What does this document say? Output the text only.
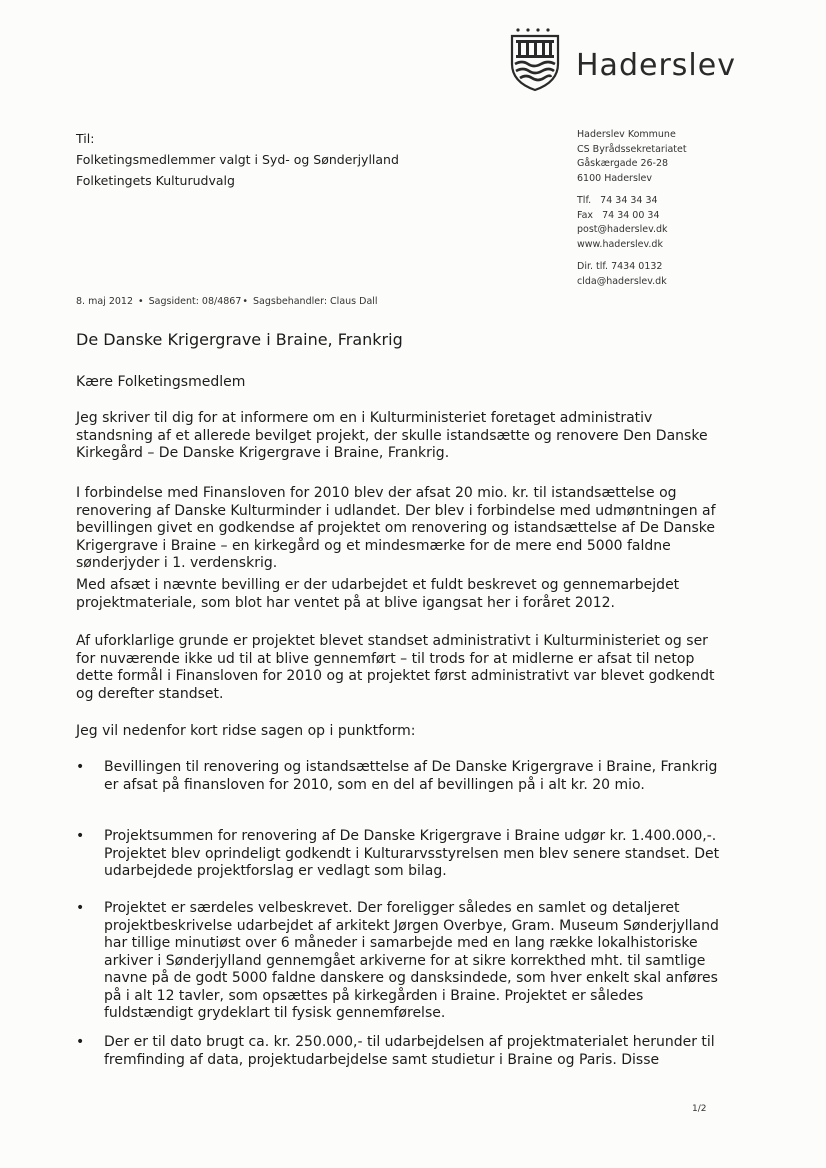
Haderslev
Til:
Folketingsmedlemmer valgt i Syd- og Sønderjylland
Folketingets Kulturudvalg
Haderslev Kommune
CS Byrådssekretariatet
Gåskærgade 26-28
6100 Haderslev
Tlf.   74 34 34 34
Fax   74 34 00 34
post@haderslev.dk
www.haderslev.dk
Dir. tlf. 7434 0132
clda@haderslev.dk
8. maj 2012 • Sagsident: 08/4867• Sagsbehandler: Claus Dall
De Danske Krigergrave i Braine, Frankrig
Kære Folketingsmedlem
Jeg skriver til dig for at informere om en i Kulturministeriet foretaget administrativ standsning af et allerede bevilget projekt, der skulle istandsætte og renovere Den Danske Kirkegård – De Danske Krigergrave i Braine, Frankrig.
I forbindelse med Finansloven for 2010 blev der afsat 20 mio. kr. til istandsættelse og renovering af Danske Kulturminder i udlandet. Der blev i forbindelse med udmøntningen af bevillingen givet en godkendse af projektet om renovering og istandsættelse af De Danske Krigergrave i Braine – en kirkegård og et mindesmærke for de mere end 5000 faldne sønderjyder i 1. verdenskrig.
Med afsæt i nævnte bevilling er der udarbejdet et fuldt beskrevet og gennemarbejdet projektmateriale, som blot har ventet på at blive igangsat her i foråret 2012.
Af uforklarlige grunde er projektet blevet standset administrativt i Kulturministeriet og ser for nuværende ikke ud til at blive gennemført – til trods for at midlerne er afsat til netop dette formål i Finansloven for 2010 og at projektet først administrativt var blevet godkendt og derefter standset.
Jeg vil nedenfor kort ridse sagen op i punktform:
• Bevillingen til renovering og istandsættelse af De Danske Krigergrave i Braine, Frankrig er afsat på finansloven for 2010, som en del af bevillingen på i alt kr. 20 mio.
• Projektsummen for renovering af De Danske Krigergrave i Braine udgør kr. 1.400.000,-. Projektet blev oprindeligt godkendt i Kulturarvsstyrelsen men blev senere standset. Det udarbejdede projektforslag er vedlagt som bilag.
• Projektet er særdeles velbeskrevet. Der foreligger således en samlet og detaljeret projektbeskrivelse udarbejdet af arkitekt Jørgen Overbye, Gram. Museum Sønderjylland har tillige minutiøst over 6 måneder i samarbejde med en lang række lokalhistoriske arkiver i Sønderjylland gennemgået arkiverne for at sikre korrekthed mht. til samtlige navne på de godt 5000 faldne danskere og dansksindede, som hver enkelt skal anføres på i alt 12 tavler, som opsættes på kirkegården i Braine. Projektet er således fuldstændigt grydeklart til fysisk gennemførelse.
• Der er til dato brugt ca. kr. 250.000,- til udarbejdelsen af projektmaterialet herunder til fremfinding af data, projektudarbejdelse samt studietur i Braine og Paris. Disse
1/2
